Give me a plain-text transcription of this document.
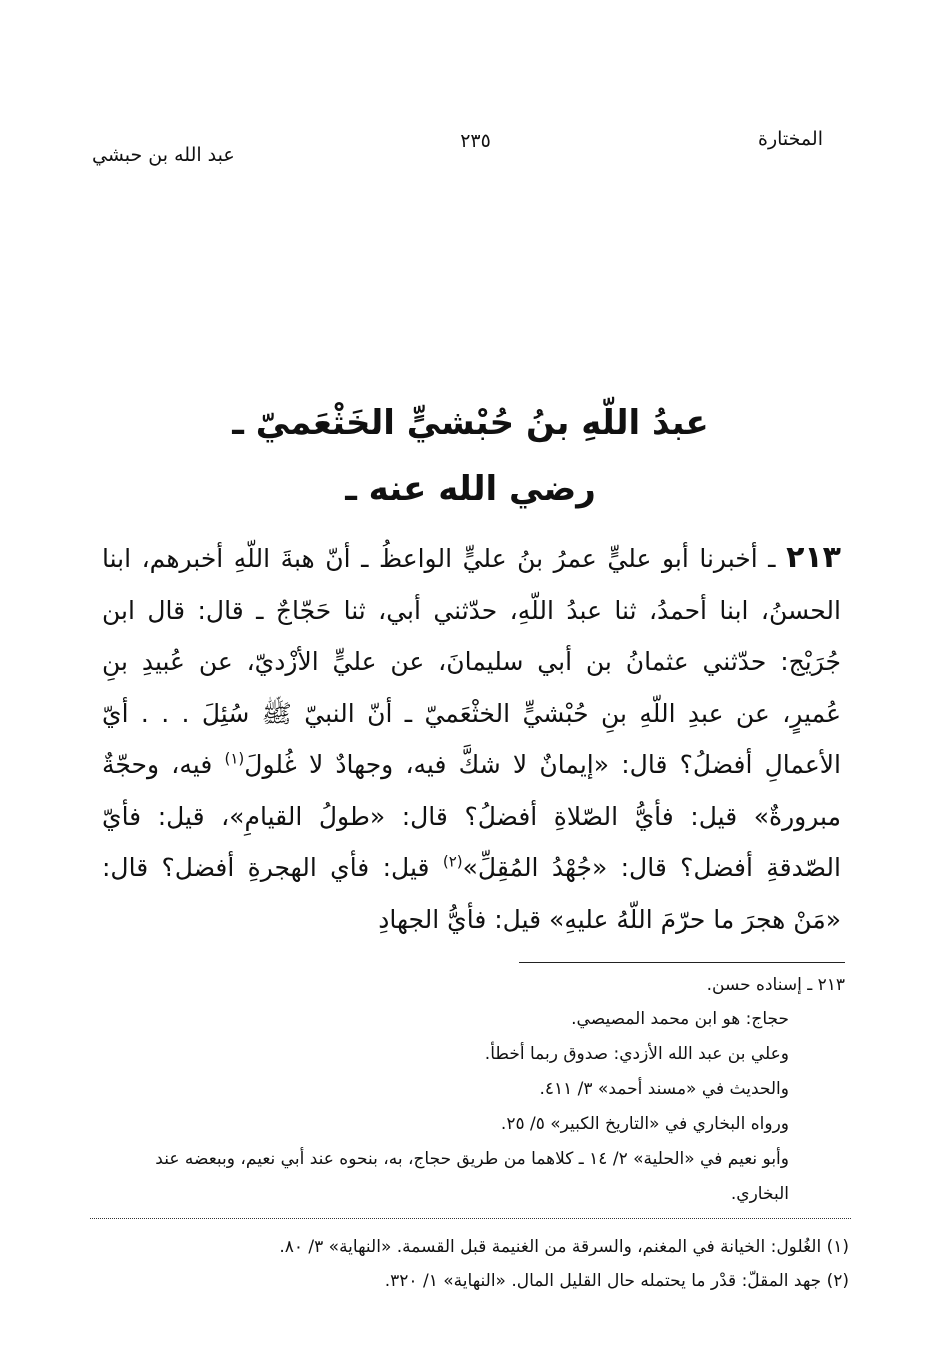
المختارة
٢٣٥
عبد الله بن حبشي
عبدُ اللّهِ بنُ حُبْشيٍّ الخَثْعَميّ ـ
رضي الله عنه ـ
٢١٣ ـ أخبرنا أبو عليٍّ عمرُ بنُ عليٍّ الواعظُ ـ أنّ هبةَ اللّهِ أخبرهم، ابنا الحسنُ، ابنا أحمدُ، ثنا عبدُ اللّهِ، حدّثني أبي، ثنا حَجّاجٌ ـ قال: قال ابن جُرَيْج: حدّثني عثمانُ بن أبي سليمانَ، عن عليٍّ الأزْديّ، عن عُبيدِ بنِ عُميرٍ، عن عبدِ اللّهِ بنِ حُبْشيٍّ الخثْعَميّ ـ أنّ النبيّ ﷺ سُئِلَ . . . أيّ الأعمالِ أفضلُ؟ قال: «إيمانٌ لا شكَّ فيه، وجهادٌ لا غُلولَ$^{(١)}$ فيه، وحجّةٌ مبرورةٌ» قيل: فأيُّ الصّلاةِ أفضلُ؟ قال: «طولُ القيامِ»، قيل: فأيّ الصّدقةِ أفضل؟ قال: «جُهْدُ المُقِلِّ»$^{(٢)}$ قيل: فأي الهجرةِ أفضل؟ قال: «مَنْ هجرَ ما حرّمَ اللّهُ عليهِ» قيل: فأيُّ الجهادِ
٢١٣ ـ إسناده حسن.
حجاج: هو ابن محمد المصيصي.
وعلي بن عبد الله الأزدي: صدوق ربما أخطأ.
والحديث في «مسند أحمد» ٣/ ٤١١.
ورواه البخاري في «التاريخ الكبير» ٥/ ٢٥.
وأبو نعيم في «الحلية» ٢/ ١٤ ـ كلاهما من طريق حجاج، به، بنحوه عند أبي نعيم، وببعضه عند البخاري.
(١) الغُلول: الخيانة في المغنم، والسرقة من الغنيمة قبل القسمة. «النهاية» ٣/ ٨٠.
(٢) جهد المقلّ: قدْر ما يحتمله حال القليل المال. «النهاية» ١/ ٣٢٠.
